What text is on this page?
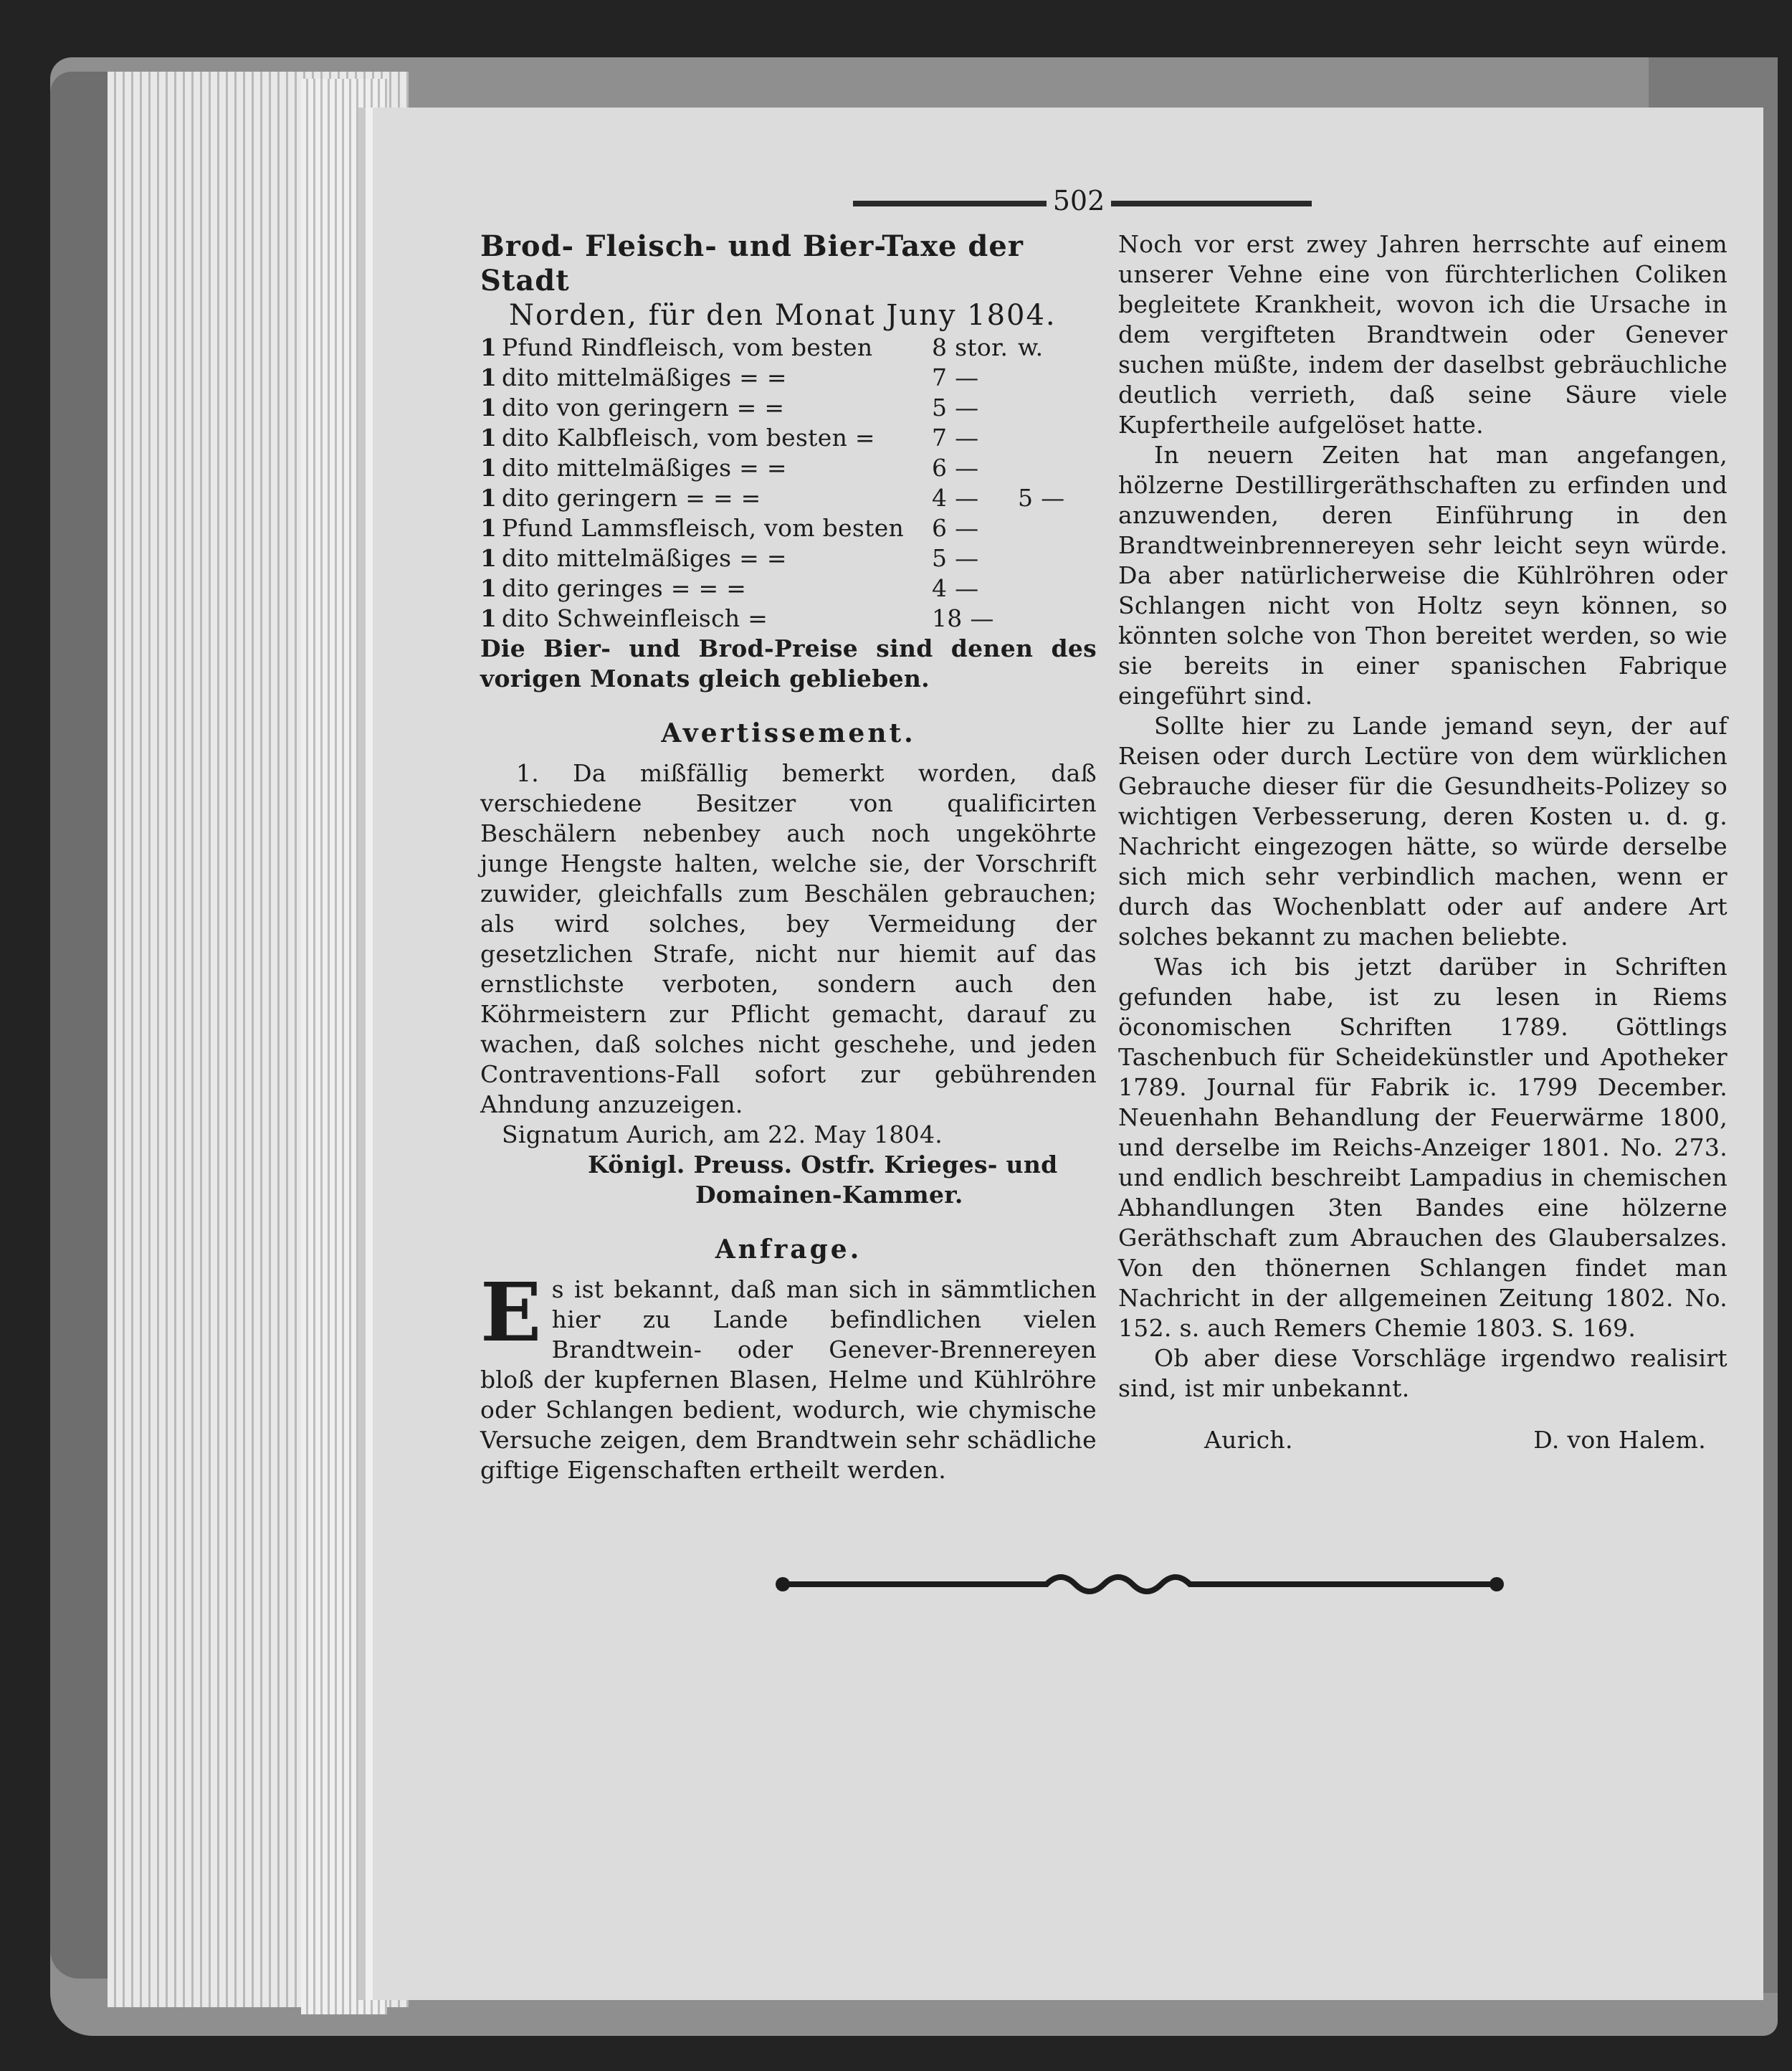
502
Brod- Fleisch- und Bier-Taxe der Stadt
Norden, für den Monat Juny 1804.
1 Pfund Rindfleisch, vom besten	8 stor. w.
1 dito mittelmäßiges = =	7 —
1 dito von geringern = =	5 —
1 dito Kalbfleisch, vom besten =	7 —
1 dito mittelmäßiges = =	6 —
1 dito geringern = = =	4 —	5 —
1 Pfund Lammsfleisch, vom besten	6 —
1 dito mittelmäßiges = =	5 —
1 dito geringes = = =	4 —
1 dito Schweinfleisch =	18 —
Die Bier- und Brod-Preise sind denen des vorigen Monats gleich geblieben.
Avertissement.
1. Da mißfällig bemerkt worden, daß verschiedene Besitzer von qualificirten Beschälern nebenbey auch noch ungeköhrte junge Hengste halten, welche sie, der Vorschrift zuwider, gleichfalls zum Beschälen gebrauchen; als wird solches, bey Vermeidung der gesetzlichen Strafe, nicht nur hiemit auf das ernstlichste verboten, sondern auch den Köhrmeistern zur Pflicht gemacht, darauf zu wachen, daß solches nicht geschehe, und jeden Contraventions-Fall sofort zur gebührenden Ahndung anzuzeigen.
Signatum Aurich, am 22. May 1804.
Königl. Preuss. Ostfr. Krieges- und
Domainen-Kammer.
Anfrage.
Es ist bekannt, daß man sich in sämmtlichen hier zu Lande befindlichen vielen Brandtwein- oder Genever-Brennereyen bloß der kupfernen Blasen, Helme und Kühlröhre oder Schlangen bedient, wodurch, wie chymische Versuche zeigen, dem Brandtwein sehr schädliche giftige Eigenschaften ertheilt werden.
Noch vor erst zwey Jahren herrschte auf einem unserer Vehne eine von fürchterlichen Coliken begleitete Krankheit, wovon ich die Ursache in dem vergifteten Brandtwein oder Genever suchen müßte, indem der daselbst gebräuchliche deutlich verrieth, daß seine Säure viele Kupfertheile aufgelöset hatte.
In neuern Zeiten hat man angefangen, hölzerne Destillirgeräthschaften zu erfinden und anzuwenden, deren Einführung in den Brandtweinbrennereyen sehr leicht seyn würde. Da aber natürlicherweise die Kühlröhren oder Schlangen nicht von Holtz seyn können, so könnten solche von Thon bereitet werden, so wie sie bereits in einer spanischen Fabrique eingeführt sind.
Sollte hier zu Lande jemand seyn, der auf Reisen oder durch Lectüre von dem würklichen Gebrauche dieser für die Gesundheits-Polizey so wichtigen Verbesserung, deren Kosten u. d. g. Nachricht eingezogen hätte, so würde derselbe sich mich sehr verbindlich machen, wenn er durch das Wochenblatt oder auf andere Art solches bekannt zu machen beliebte.
Was ich bis jetzt darüber in Schriften gefunden habe, ist zu lesen in Riems öconomischen Schriften 1789. Göttlings Taschenbuch für Scheidekünstler und Apotheker 1789. Journal für Fabrik ic. 1799 December. Neuenhahn Behandlung der Feuerwärme 1800, und derselbe im Reichs-Anzeiger 1801. No. 273. und endlich beschreibt Lampadius in chemischen Abhandlungen 3ten Bandes eine hölzerne Geräthschaft zum Abrauchen des Glaubersalzes. Von den thönernen Schlangen findet man Nachricht in der allgemeinen Zeitung 1802. No. 152. s. auch Remers Chemie 1803. S. 169.
Ob aber diese Vorschläge irgendwo realisirt sind, ist mir unbekannt.
Aurich.	D. von Halem.
